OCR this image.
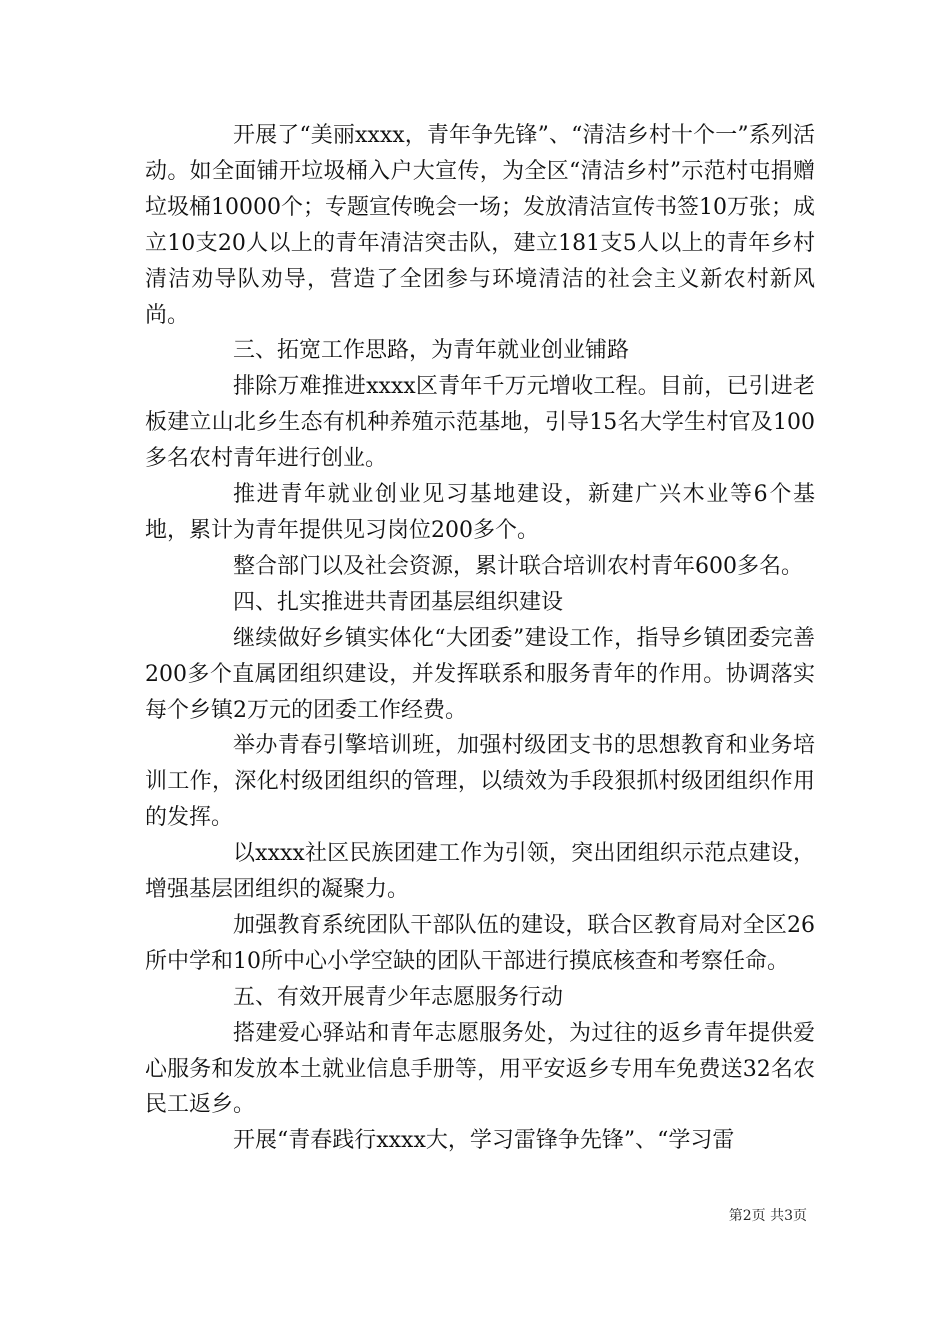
开展了“美丽xxxx，青年争先锋”、“清洁乡村十个一”系列活动。如全面铺开垃圾桶入户大宣传，为全区“清洁乡村”示范村屯捐赠垃圾桶10000个；专题宣传晚会一场；发放清洁宣传书签10万张；成立10支20人以上的青年清洁突击队，建立181支5人以上的青年乡村清洁劝导队劝导，营造了全团参与环境清洁的社会主义新农村新风尚。

三、拓宽工作思路，为青年就业创业铺路

排除万难推进xxxx区青年千万元增收工程。目前，已引进老板建立山北乡生态有机种养殖示范基地，引导15名大学生村官及100多名农村青年进行创业。

推进青年就业创业见习基地建设，新建广兴木业等6个基地，累计为青年提供见习岗位200多个。

整合部门以及社会资源，累计联合培训农村青年600多名。

四、扎实推进共青团基层组织建设

继续做好乡镇实体化“大团委”建设工作，指导乡镇团委完善200多个直属团组织建设，并发挥联系和服务青年的作用。协调落实每个乡镇2万元的团委工作经费。

举办青春引擎培训班，加强村级团支书的思想教育和业务培训工作，深化村级团组织的管理，以绩效为手段狠抓村级团组织作用的发挥。

以xxxx社区民族团建工作为引领，突出团组织示范点建设，增强基层团组织的凝聚力。

加强教育系统团队干部队伍的建设，联合区教育局对全区26所中学和10所中心小学空缺的团队干部进行摸底核查和考察任命。

五、有效开展青少年志愿服务行动

搭建爱心驿站和青年志愿服务处，为过往的返乡青年提供爱心服务和发放本土就业信息手册等，用平安返乡专用车免费送32名农民工返乡。

开展“青春践行xxxx大，学习雷锋争先锋”、“学习雷

第2页 共3页
